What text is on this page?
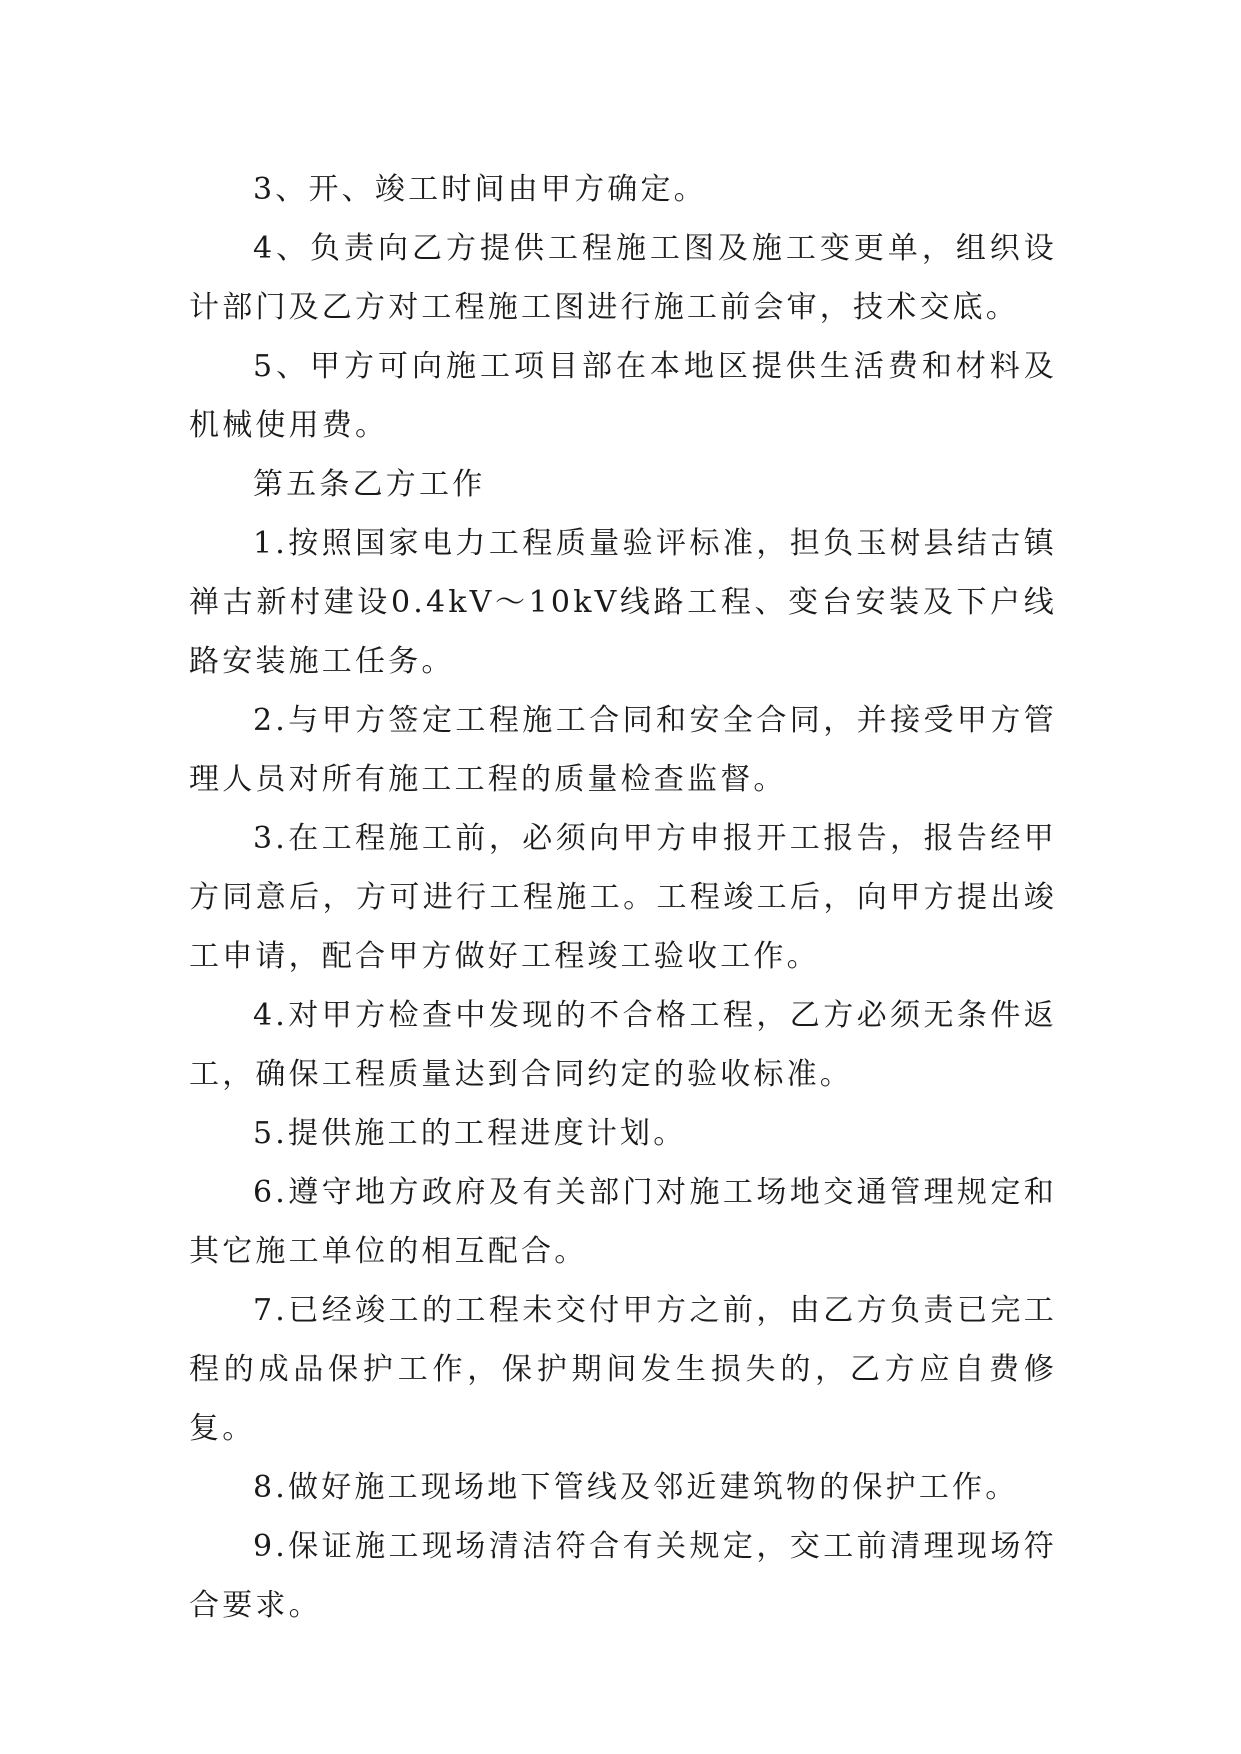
3、开、竣工时间由甲方确定。

4、负责向乙方提供工程施工图及施工变更单，组织设计部门及乙方对工程施工图进行施工前会审，技术交底。

5、甲方可向施工项目部在本地区提供生活费和材料及机械使用费。

第五条乙方工作

1.按照国家电力工程质量验评标准，担负玉树县结古镇禅古新村建设0.4kV～10kV线路工程、变台安装及下户线路安装施工任务。

2.与甲方签定工程施工合同和安全合同，并接受甲方管理人员对所有施工工程的质量检查监督。

3.在工程施工前，必须向甲方申报开工报告，报告经甲方同意后，方可进行工程施工。工程竣工后，向甲方提出竣工申请，配合甲方做好工程竣工验收工作。

4.对甲方检查中发现的不合格工程，乙方必须无条件返工，确保工程质量达到合同约定的验收标准。

5.提供施工的工程进度计划。

6.遵守地方政府及有关部门对施工场地交通管理规定和其它施工单位的相互配合。

7.已经竣工的工程未交付甲方之前，由乙方负责已完工程的成品保护工作，保护期间发生损失的，乙方应自费修复。

8.做好施工现场地下管线及邻近建筑物的保护工作。

9.保证施工现场清洁符合有关规定，交工前清理现场符合要求。
